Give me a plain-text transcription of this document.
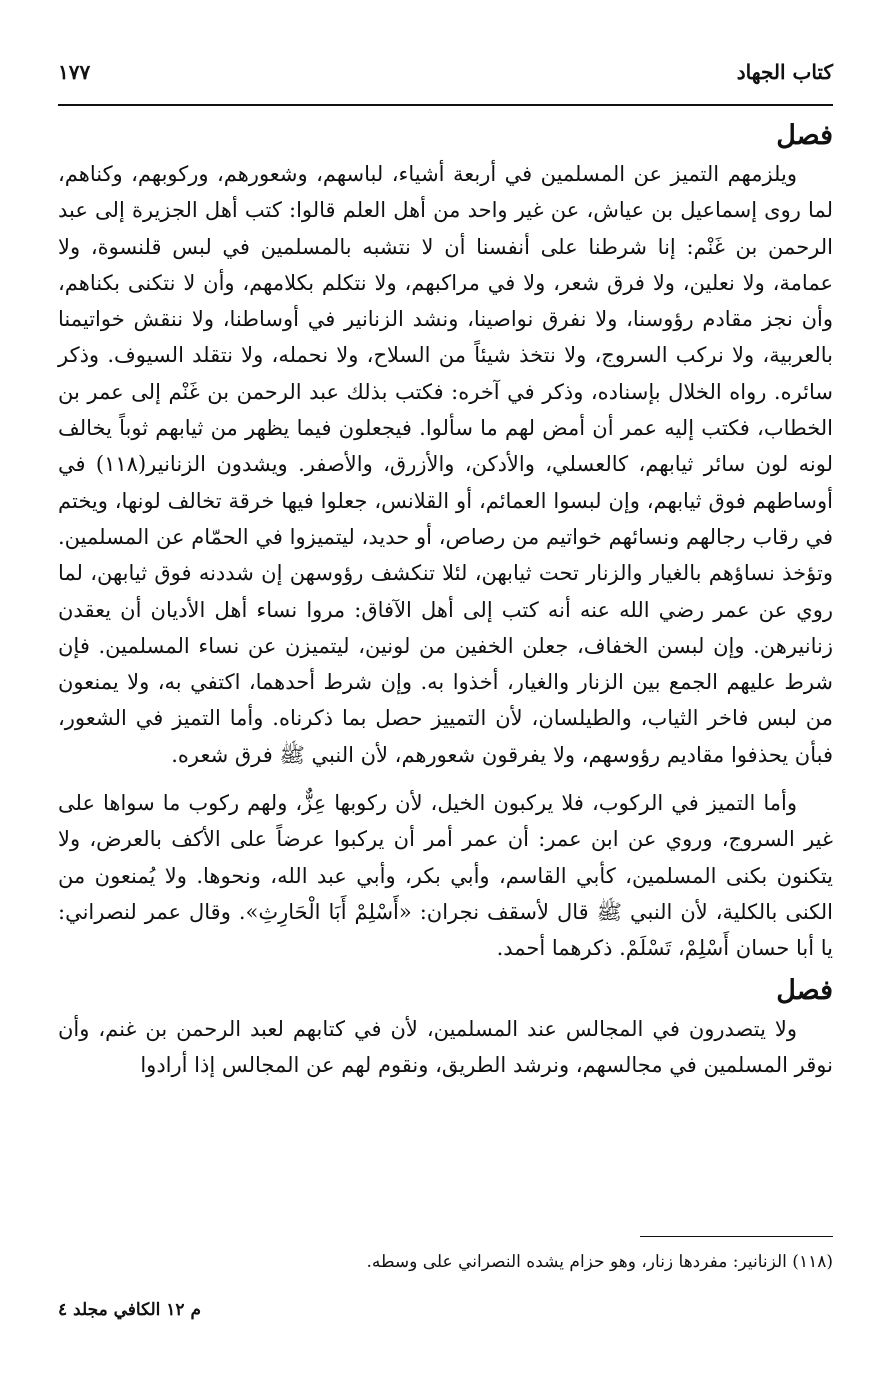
كتاب الجهاد
١٧٧
فصل

ويلزمهم التميز عن المسلمين في أربعة أشياء، لباسهم، وشعورهم، وركوبهم، وكناهم، لما روى إسماعيل بن عياش، عن غير واحد من أهل العلم قالوا: كتب أهل الجزيرة إلى عبد الرحمن بن غَنْم: إنا شرطنا على أنفسنا أن لا نتشبه بالمسلمين في لبس قلنسوة، ولا عمامة، ولا نعلين، ولا فرق شعر، ولا في مراكبهم، ولا نتكلم بكلامهم، وأن لا نتكنى بكناهم، وأن نجز مقادم رؤوسنا، ولا نفرق نواصينا، ونشد الزنانير في أوساطنا، ولا ننقش خواتيمنا بالعربية، ولا نركب السروج، ولا نتخذ شيئاً من السلاح، ولا نحمله، ولا نتقلد السيوف. وذكر سائره. رواه الخلال بإسناده، وذكر في آخره: فكتب بذلك عبد الرحمن بن غَنْم إلى عمر بن الخطاب، فكتب إليه عمر أن أمض لهم ما سألوا. فيجعلون فيما يظهر من ثيابهم ثوباً يخالف لونه لون سائر ثيابهم، كالعسلي، والأدكن، والأزرق، والأصفر. ويشدون الزنانير(١١٨) في أوساطهم فوق ثيابهم، وإن لبسوا العمائم، أو القلانس، جعلوا فيها خرقة تخالف لونها، ويختم في رقاب رجالهم ونسائهم خواتيم من رصاص، أو حديد، ليتميزوا في الحمّام عن المسلمين. وتؤخذ نساؤهم بالغيار والزنار تحت ثيابهن، لئلا تنكشف رؤوسهن إن شددنه فوق ثيابهن، لما روي عن عمر رضي الله عنه أنه كتب إلى أهل الآفاق: مروا نساء أهل الأديان أن يعقدن زنانيرهن. وإن لبسن الخفاف، جعلن الخفين من لونين، ليتميزن عن نساء المسلمين. فإن شرط عليهم الجمع بين الزنار والغيار، أخذوا به. وإن شرط أحدهما، اكتفي به، ولا يمنعون من لبس فاخر الثياب، والطيلسان، لأن التمييز حصل بما ذكرناه. وأما التميز في الشعور، فبأن يحذفوا مقاديم رؤوسهم، ولا يفرقون شعورهم، لأن النبي ﷺ فرق شعره.

وأما التميز في الركوب، فلا يركبون الخيل، لأن ركوبها عِزٌّ، ولهم ركوب ما سواها على غير السروج، وروي عن ابن عمر: أن عمر أمر أن يركبوا عرضاً على الأكف بالعرض، ولا يتكنون بكنى المسلمين، كأبي القاسم، وأبي بكر، وأبي عبد الله، ونحوها. ولا يُمنعون من الكنى بالكلية، لأن النبي ﷺ قال لأسقف نجران: «أَسْلِمْ أَبَا الْحَارِثِ». وقال عمر لنصراني: يا أبا حسان أَسْلِمْ، تَسْلَمْ. ذكرهما أحمد.

فصل

ولا يتصدرون في المجالس عند المسلمين، لأن في كتابهم لعبد الرحمن بن غنم، وأن نوقر المسلمين في مجالسهم، ونرشد الطريق، ونقوم لهم عن المجالس إذا أرادوا

(١١٨) الزنانير: مفردها زنار، وهو حزام يشده النصراني على وسطه.
م ١٢ الكافي مجلد ٤
